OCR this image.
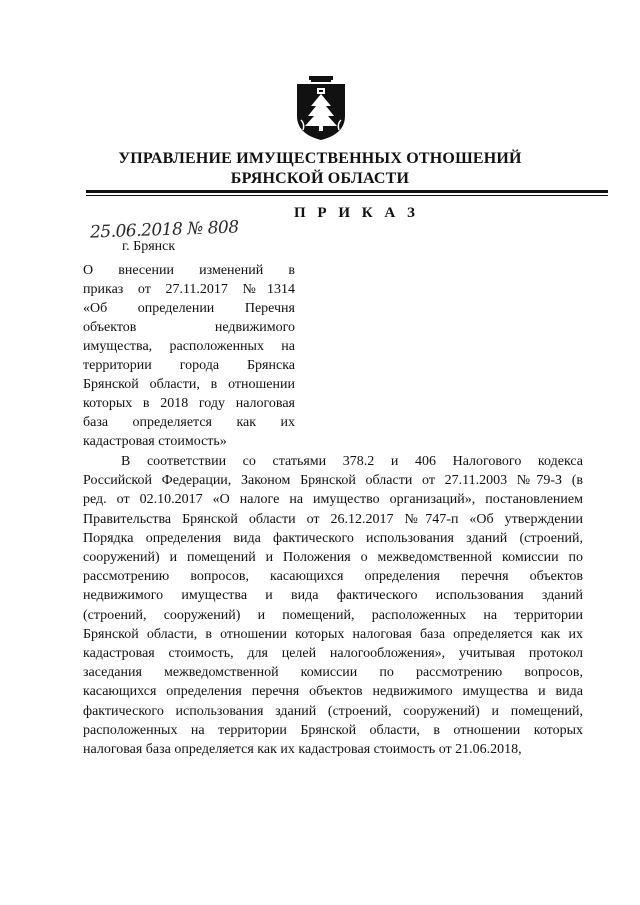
УПРАВЛЕНИЕ ИМУЩЕСТВЕННЫХ ОТНОШЕНИЙ
БРЯНСКОЙ ОБЛАСТИ
П Р И К А З
25.06.2018 № 808
г. Брянск
О внесении изменений в
приказ от 27.11.2017 №1314
«Об определении Перечня
объектов недвижимого
имущества, расположенных на
территории города Брянска
Брянской области, в отношении
которых в 2018 году налоговая
база определяется как их
кадастровая стоимость»
В соответствии со статьями 378.2 и 406 Налогового кодекса
Российской Федерации, Законом Брянской области от 27.11.2003 №79-З (в
ред. от 02.10.2017 «О налоге на имущество организаций», постановлением
Правительства Брянской области от 26.12.2017 №747-п «Об утверждении
Порядка определения вида фактического использования зданий (строений,
сооружений) и помещений и Положения о межведомственной комиссии по
рассмотрению вопросов, касающихся определения перечня объектов
недвижимого имущества и вида фактического использования зданий
(строений, сооружений) и помещений, расположенных на территории
Брянской области, в отношении которых налоговая база определяется как их
кадастровая стоимость, для целей налогообложения», учитывая протокол
заседания межведомственной комиссии по рассмотрению вопросов,
касающихся определения перечня объектов недвижимого имущества и вида
фактического использования зданий (строений, сооружений) и помещений,
расположенных на территории Брянской области, в отношении которых
налоговая база определяется как их кадастровая стоимость от 21.06.2018,
